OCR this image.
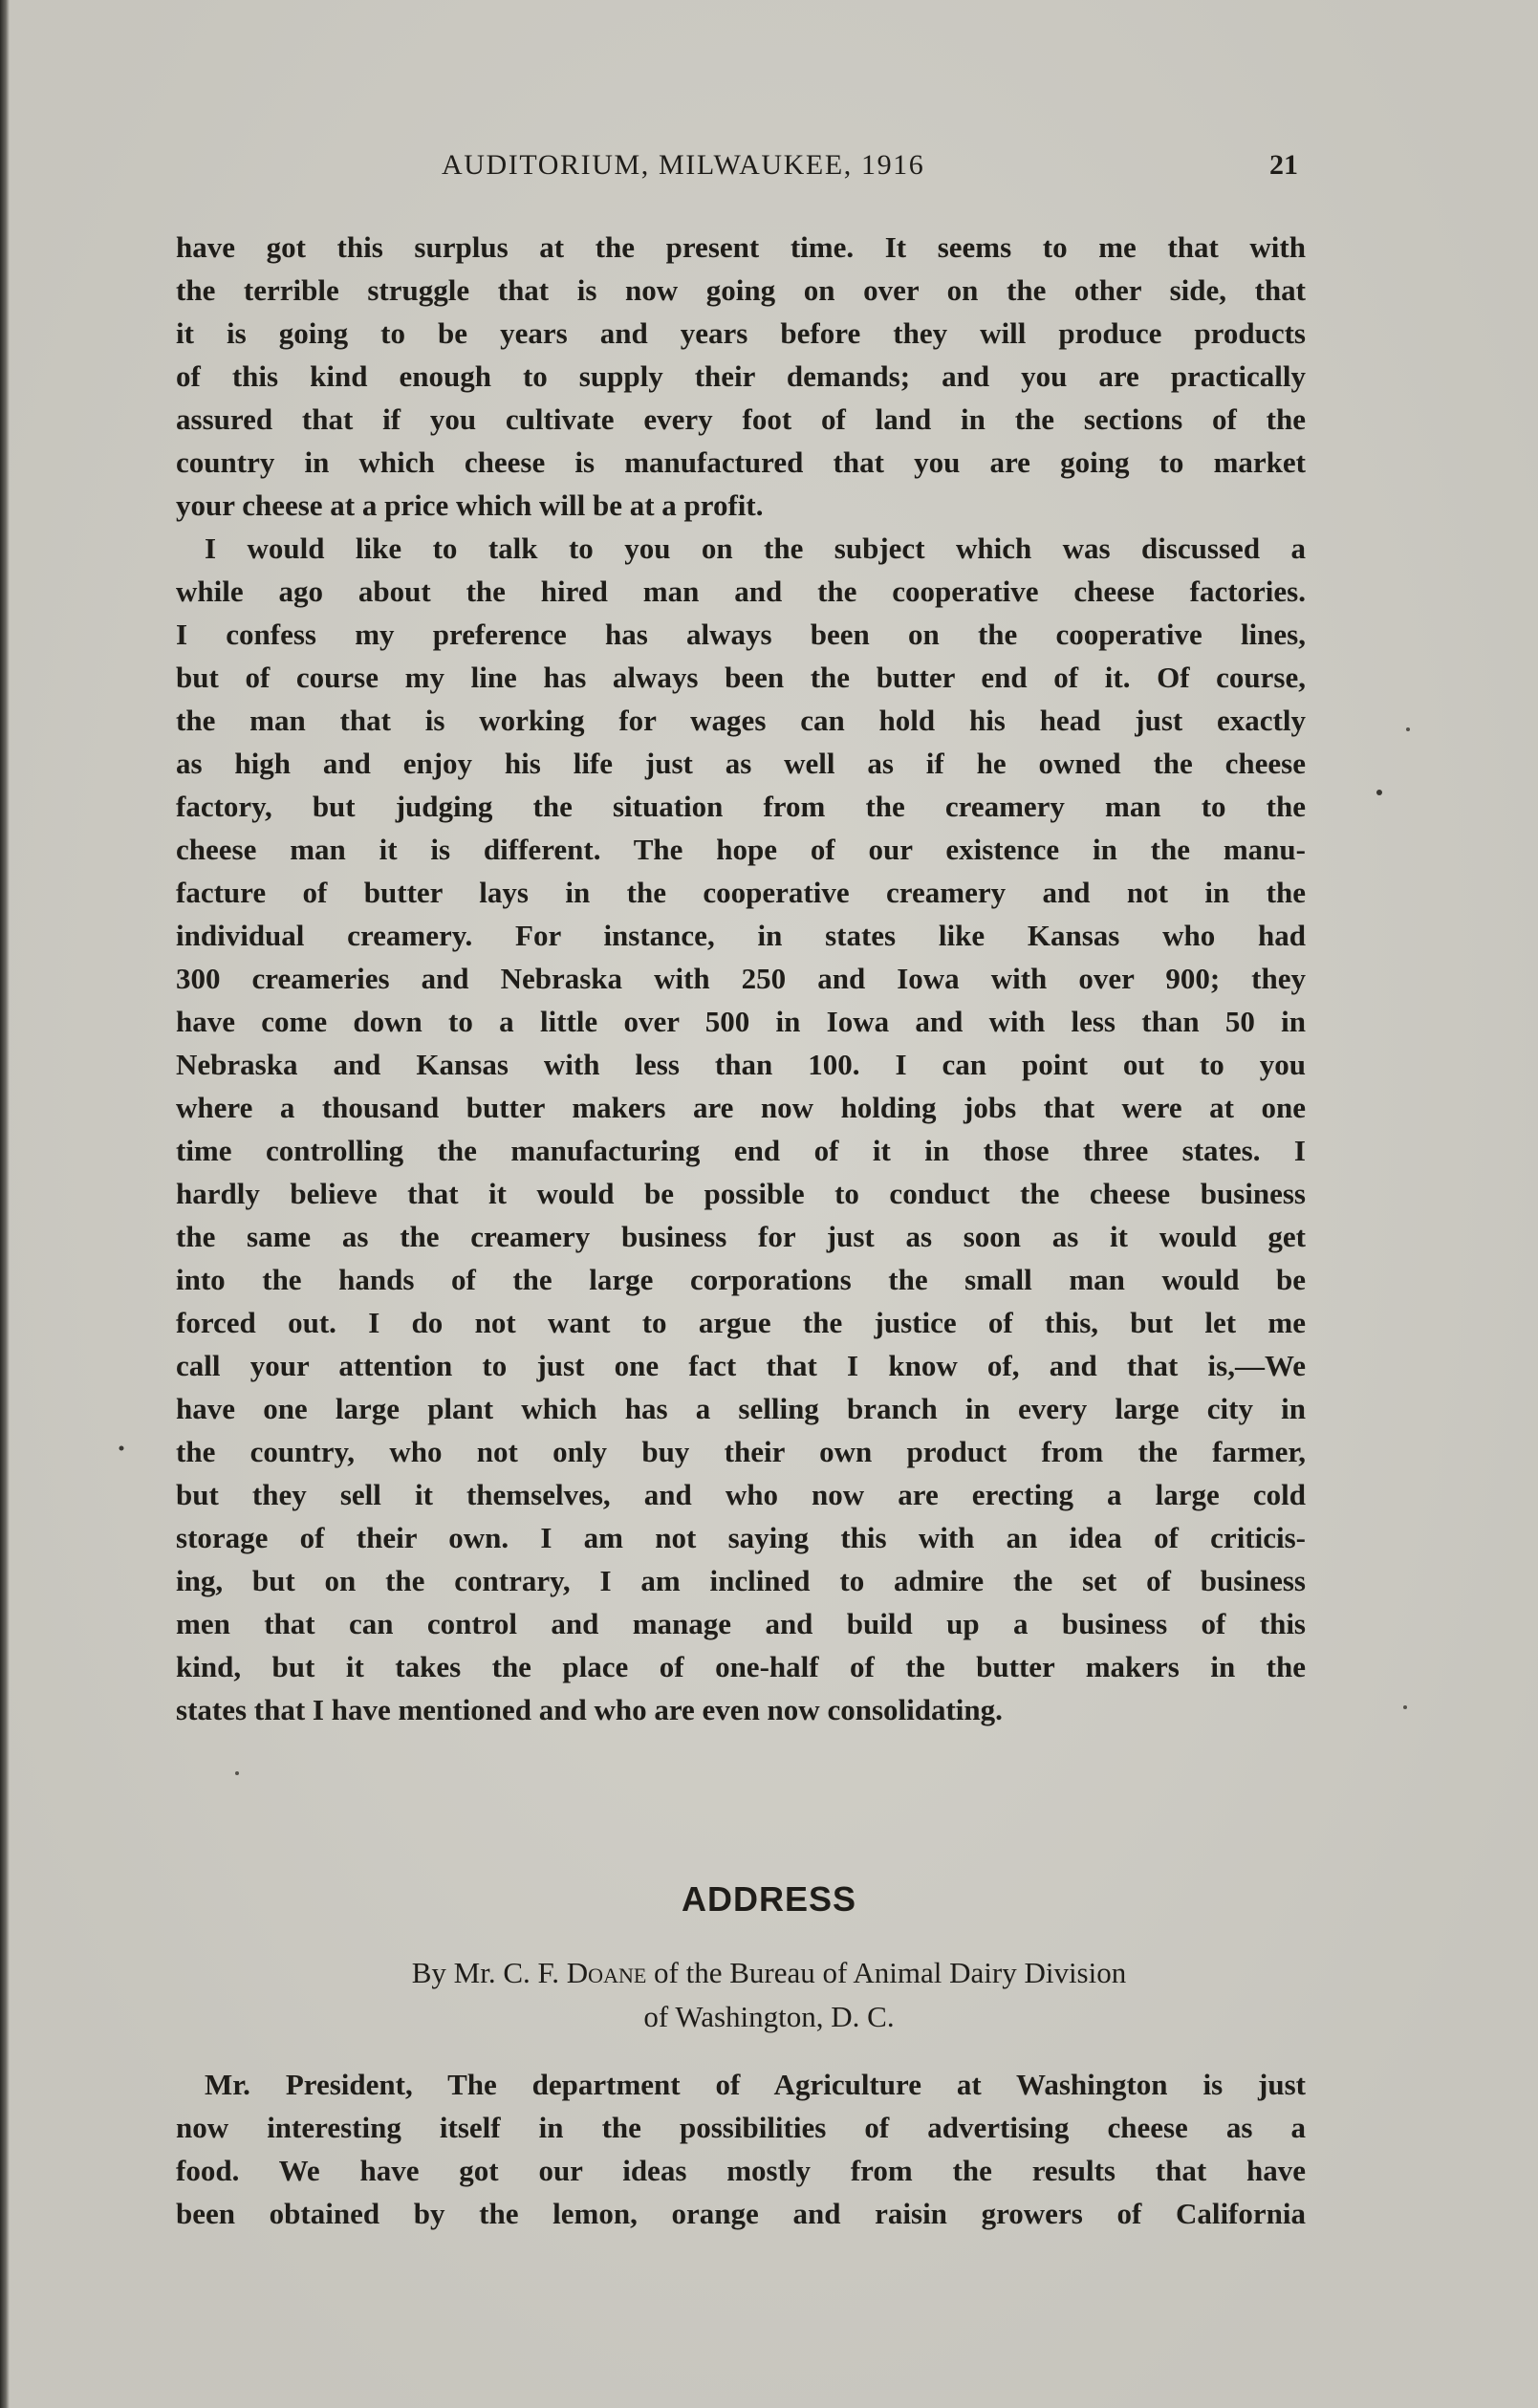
AUDITORIUM, MILWAUKEE, 1916	21
have got this surplus at the present time. It seems to me that with
the terrible struggle that is now going on over on the other side, that
it is going to be years and years before they will produce products
of this kind enough to supply their demands; and you are practically
assured that if you cultivate every foot of land in the sections of the
country in which cheese is manufactured that you are going to market
your cheese at a price which will be at a profit.
I would like to talk to you on the subject which was discussed a
while ago about the hired man and the cooperative cheese factories.
I confess my preference has always been on the cooperative lines,
but of course my line has always been the butter end of it. Of course,
the man that is working for wages can hold his head just exactly
as high and enjoy his life just as well as if he owned the cheese
factory, but judging the situation from the creamery man to the
cheese man it is different. The hope of our existence in the manu-
facture of butter lays in the cooperative creamery and not in the
individual creamery. For instance, in states like Kansas who had
300 creameries and Nebraska with 250 and Iowa with over 900; they
have come down to a little over 500 in Iowa and with less than 50 in
Nebraska and Kansas with less than 100. I can point out to you
where a thousand butter makers are now holding jobs that were at one
time controlling the manufacturing end of it in those three states. I
hardly believe that it would be possible to conduct the cheese business
the same as the creamery business for just as soon as it would get
into the hands of the large corporations the small man would be
forced out. I do not want to argue the justice of this, but let me
call your attention to just one fact that I know of, and that is,—We
have one large plant which has a selling branch in every large city in
the country, who not only buy their own product from the farmer,
but they sell it themselves, and who now are erecting a large cold
storage of their own. I am not saying this with an idea of criticis-
ing, but on the contrary, I am inclined to admire the set of business
men that can control and manage and build up a business of this
kind, but it takes the place of one-half of the butter makers in the
states that I have mentioned and who are even now consolidating.
ADDRESS
By Mr. C. F. Doane of the Bureau of Animal Dairy Division
of Washington, D. C.
Mr. President, The department of Agriculture at Washington is just
now interesting itself in the possibilities of advertising cheese as a
food. We have got our ideas mostly from the results that have
been obtained by the lemon, orange and raisin growers of California
